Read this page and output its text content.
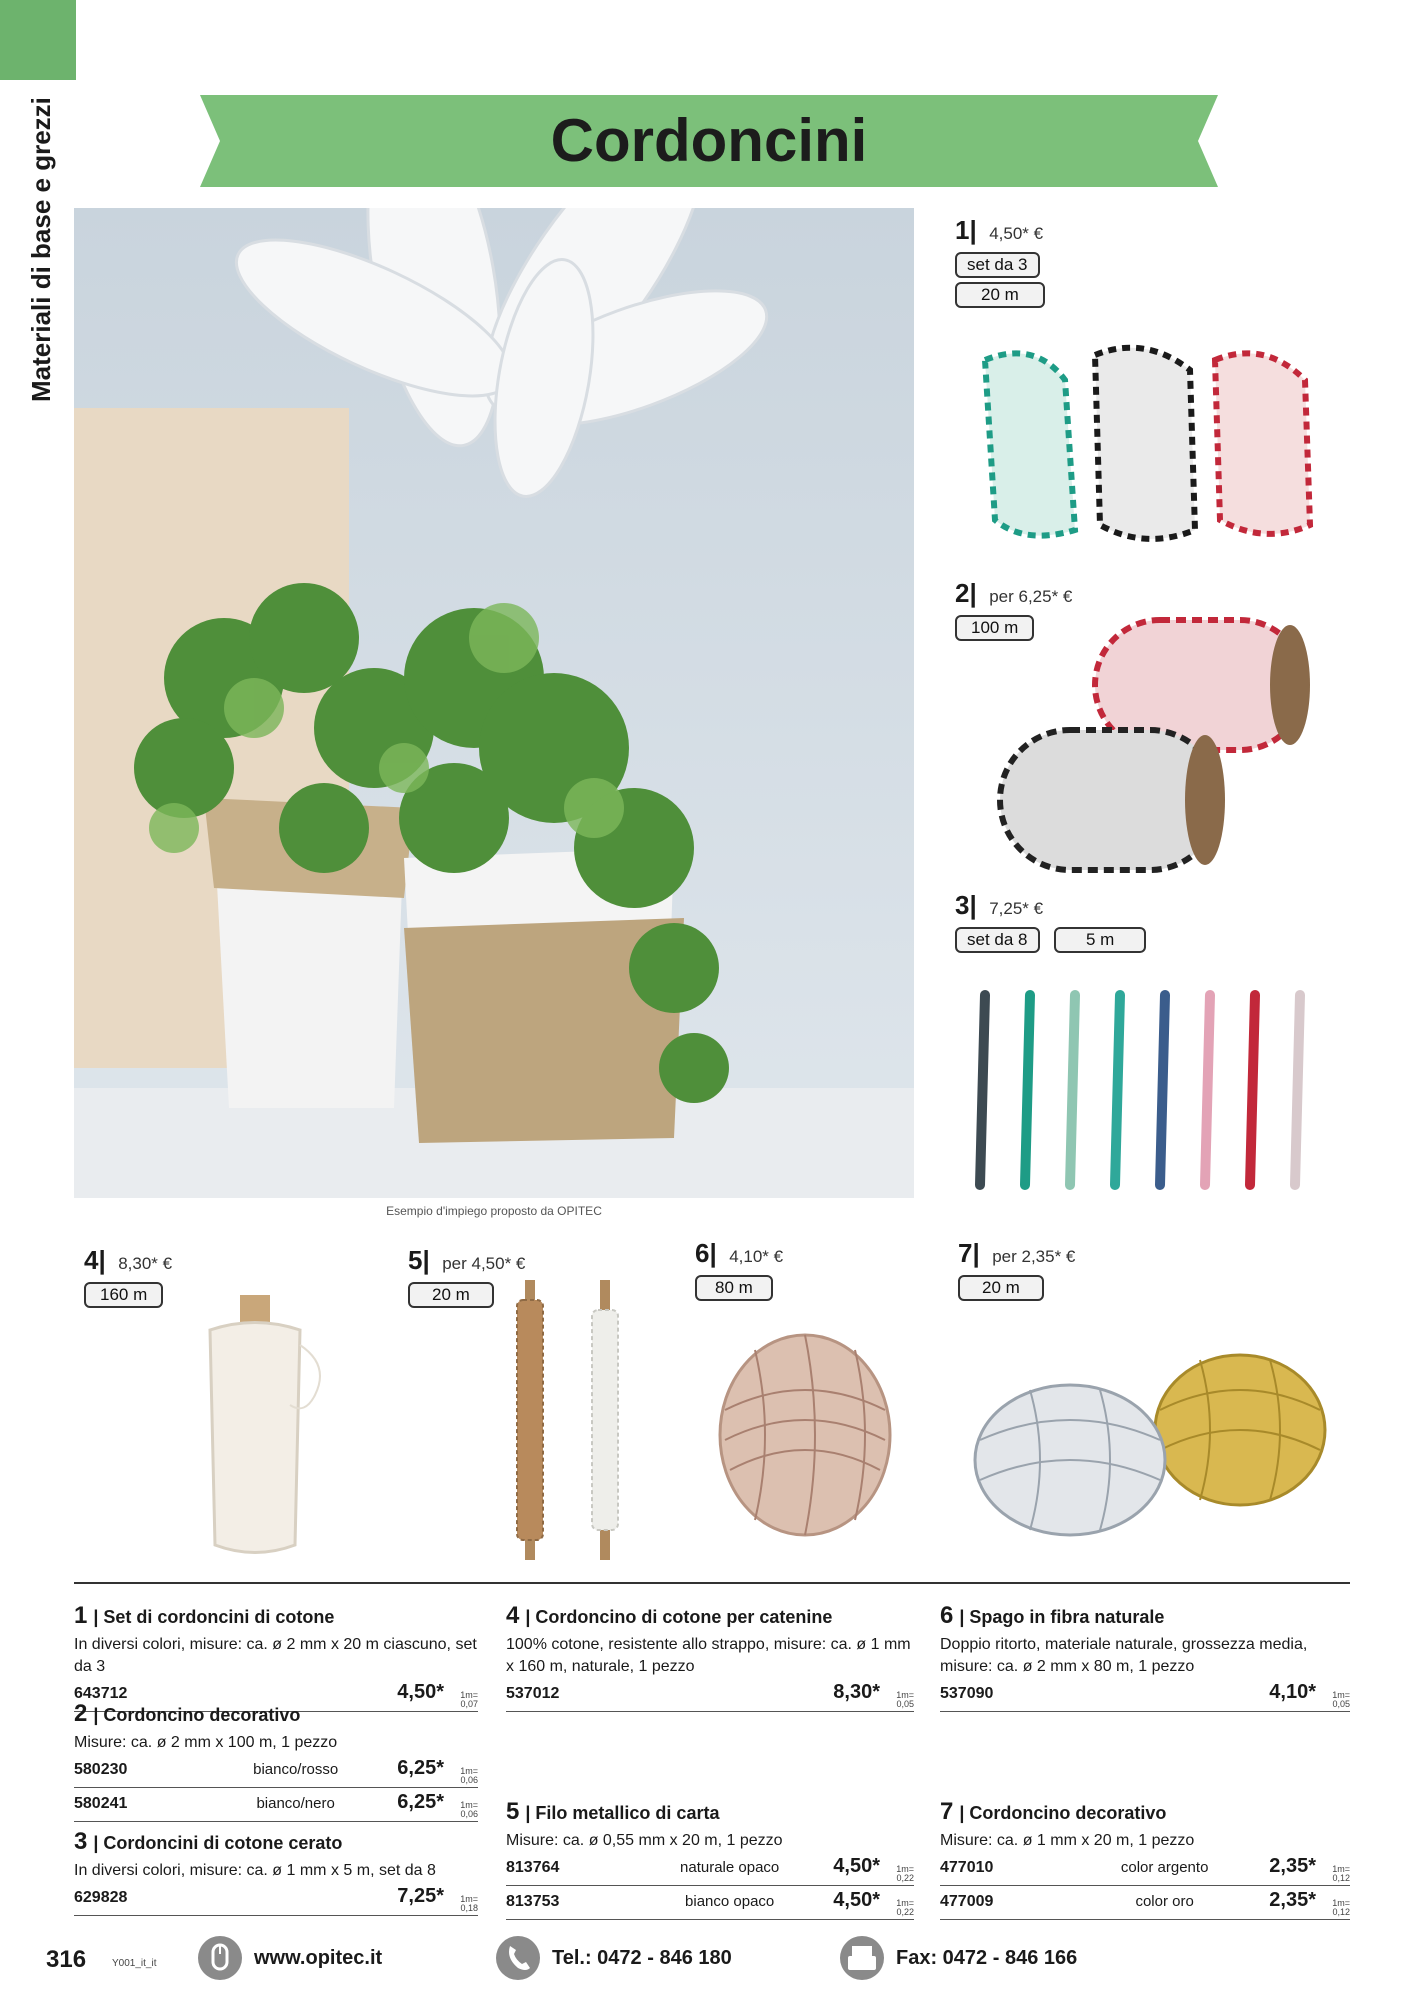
Materiali di base e grezzi	Cordoncini
Esempio d'impiego proposto da OPITEC
1| 4,50* €
set da 3
20 m
2| per 6,25* €
100 m
3| 7,25* €
set da 8	5 m
4| 8,30* €
160 m
5| per 4,50* €
20 m
6| 4,10* €
80 m
7| per 2,35* €
20 m
1 | Set di cordoncini di cotone

In diversi colori, misure: ca. ø 2 mm x 20 m ciascuno, set da 3

643712	4,50*	1m=
0,07
2 | Cordoncino decorativo

Misure: ca. ø 2 mm x 100 m, 1 pezzo

580230	bianco/rosso	6,25*	1m=
0,06
580241	bianco/nero	6,25*	1m=
0,06
3 | Cordoncini di cotone cerato

In diversi colori, misure: ca. ø 1 mm x 5 m, set da 8

629828	7,25*	1m=
0,18
4 | Cordoncino di cotone per catenine

100% cotone, resistente allo strappo, misure: ca. ø 1 mm x 160 m, naturale, 1 pezzo

537012	8,30*	1m=
0,05
5 | Filo metallico di carta

Misure: ca. ø 0,55 mm x 20 m, 1 pezzo

813764	naturale opaco	4,50*	1m=
0,22
813753	bianco opaco	4,50*	1m=
0,22
6 | Spago in fibra naturale

Doppio ritorto, materiale naturale, grossezza media, misure: ca. ø 2 mm x 80 m, 1 pezzo

537090	4,10*	1m=
0,05
7 | Cordoncino decorativo

Misure: ca. ø 1 mm x 20 m, 1 pezzo

477010	color argento	2,35*	1m=
0,12
477009	color oro	2,35*	1m=
0,12
316	Y001_it_it	www.opitec.it	Tel.: 0472 - 846 180	Fax: 0472 - 846 166
